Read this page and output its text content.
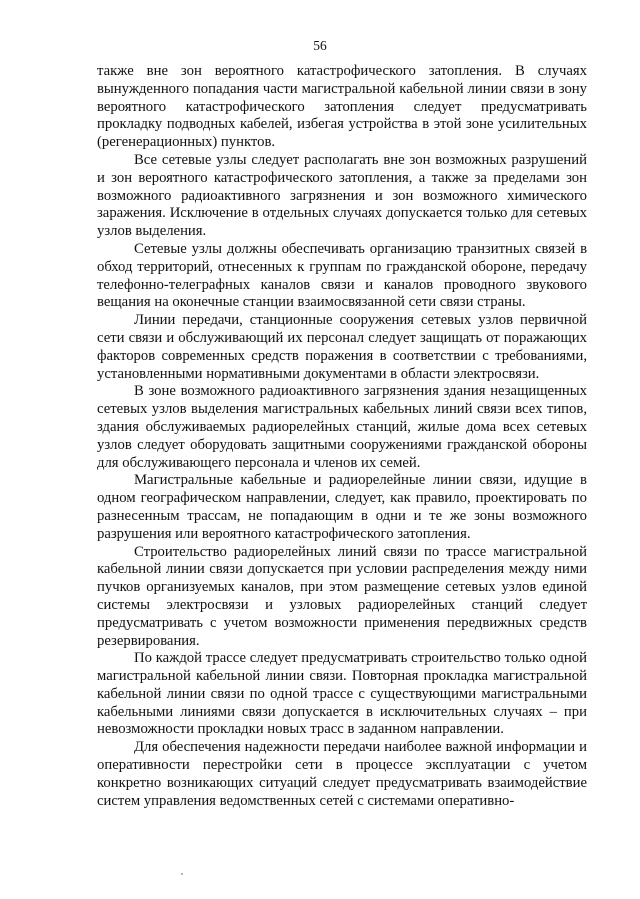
56

также вне зон вероятного катастрофического затопления. В случаях вынужденного попадания части магистральной кабельной линии связи в зону вероятного катастрофического затопления следует предусматривать прокладку подводных кабелей, избегая устройства в этой зоне усилительных (регенерационных) пунктов.

Все сетевые узлы следует располагать вне зон возможных разрушений и зон вероятного катастрофического затопления, а также за пределами зон возможного радиоактивного загрязнения и зон возможного химического заражения. Исключение в отдельных случаях допускается только для сетевых узлов выделения.

Сетевые узлы должны обеспечивать организацию транзитных связей в обход территорий, отнесенных к группам по гражданской обороне, передачу телефонно-телеграфных каналов связи и каналов проводного звукового вещания на оконечные станции взаимосвязанной сети связи страны.

Линии передачи, станционные сооружения сетевых узлов первичной сети связи и обслуживающий их персонал следует защищать от поражающих факторов современных средств поражения в соответствии с требованиями, установленными нормативными документами в области электросвязи.

В зоне возможного радиоактивного загрязнения здания незащищенных сетевых узлов выделения магистральных кабельных линий связи всех типов, здания обслуживаемых радиорелейных станций, жилые дома всех сетевых узлов следует оборудовать защитными сооружениями гражданской обороны для обслуживающего персонала и членов их семей.

Магистральные кабельные и радиорелейные линии связи, идущие в одном географическом направлении, следует, как правило, проектировать по разнесенным трассам, не попадающим в одни и те же зоны возможного разрушения или вероятного катастрофического затопления.

Строительство радиорелейных линий связи по трассе магистральной кабельной линии связи допускается при условии распределения между ними пучков организуемых каналов, при этом размещение сетевых узлов единой системы электросвязи и узловых радиорелейных станций следует предусматривать с учетом возможности применения передвижных средств резервирования.

По каждой трассе следует предусматривать строительство только одной магистральной кабельной линии связи. Повторная прокладка магистральной кабельной линии связи по одной трассе с существующими магистральными кабельными линиями связи допускается в исключительных случаях – при невозможности прокладки новых трасс в заданном направлении.

Для обеспечения надежности передачи наиболее важной информации и оперативности перестройки сети в процессе эксплуатации с учетом конкретно возникающих ситуаций следует предусматривать взаимодействие систем управления ведомственных сетей с системами оперативно-
